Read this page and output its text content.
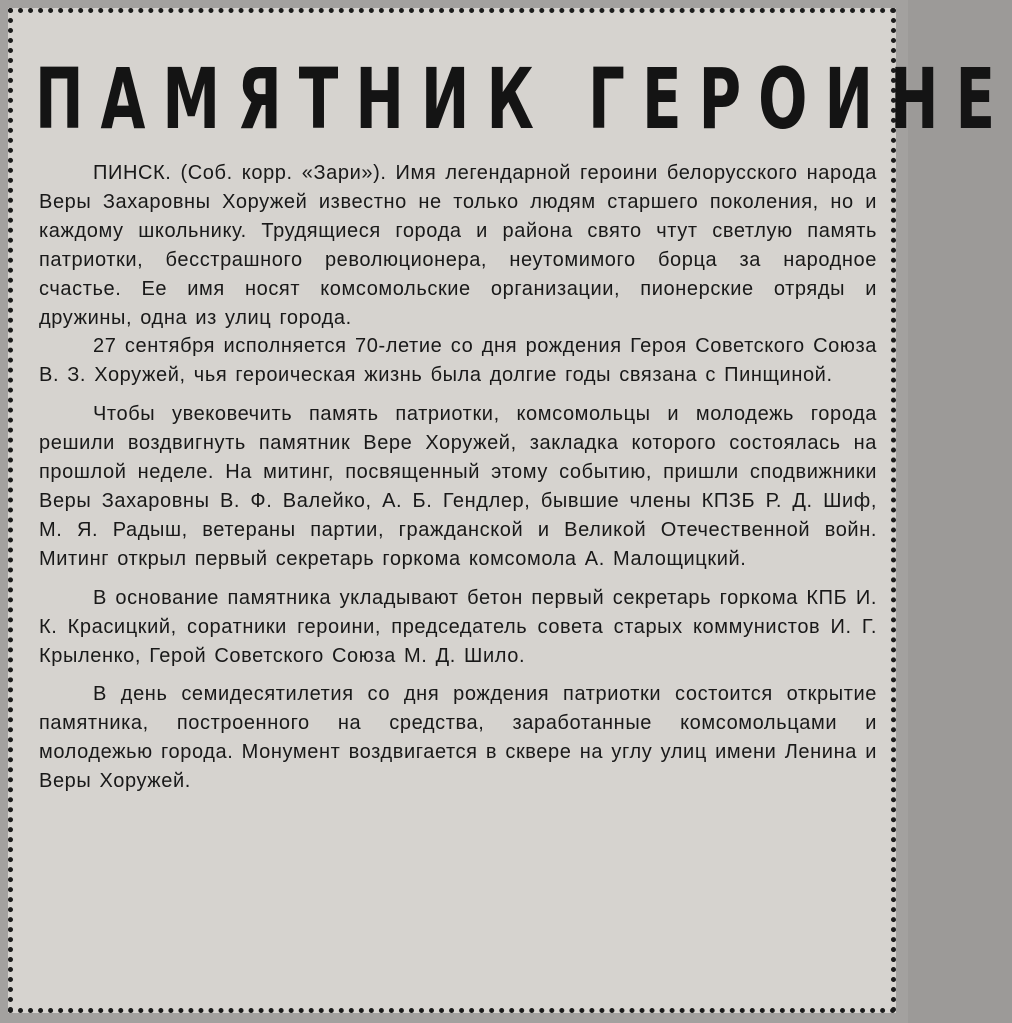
ПАМЯТНИК ГЕРОИНЕ

ПИНСК. (Соб. корр. «Зари»). Имя легендарной героини белорусского народа Веры Захаровны Хоружей известно не только людям старшего поколения, но и каждому школьнику. Трудящиеся города и района свято чтут светлую память патриотки, бесстрашного революционера, неутомимого борца за народное счастье. Ее имя носят комсомольские организации, пионерские отряды и дружины, одна из улиц города.

27 сентября исполняется 70-летие со дня рождения Героя Советского Союза В. З. Хоружей, чья героическая жизнь была долгие годы связана с Пинщиной.

Чтобы увековечить память патриотки, комсомольцы и молодежь города решили воздвигнуть памятник Вере Хоружей, закладка которого состоялась на прошлой неделе. На митинг, посвященный этому событию, пришли сподвижники Веры Захаровны В. Ф. Валейко, А. Б. Гендлер, бывшие члены КПЗБ Р. Д. Шиф, М. Я. Радыш, ветераны партии, гражданской и Великой Отечественной войн. Митинг открыл первый секретарь горкома комсомола А. Малощицкий.

В основание памятника укладывают бетон первый секретарь горкома КПБ И. К. Красицкий, соратники героини, председатель совета старых коммунистов И. Г. Крыленко, Герой Советского Союза М. Д. Шило.

В день семидесятилетия со дня рождения патриотки состоится открытие памятника, построенного на средства, заработанные комсомольцами и молодежью города. Монумент воздвигается в сквере на углу улиц имени Ленина и Веры Хоружей.
